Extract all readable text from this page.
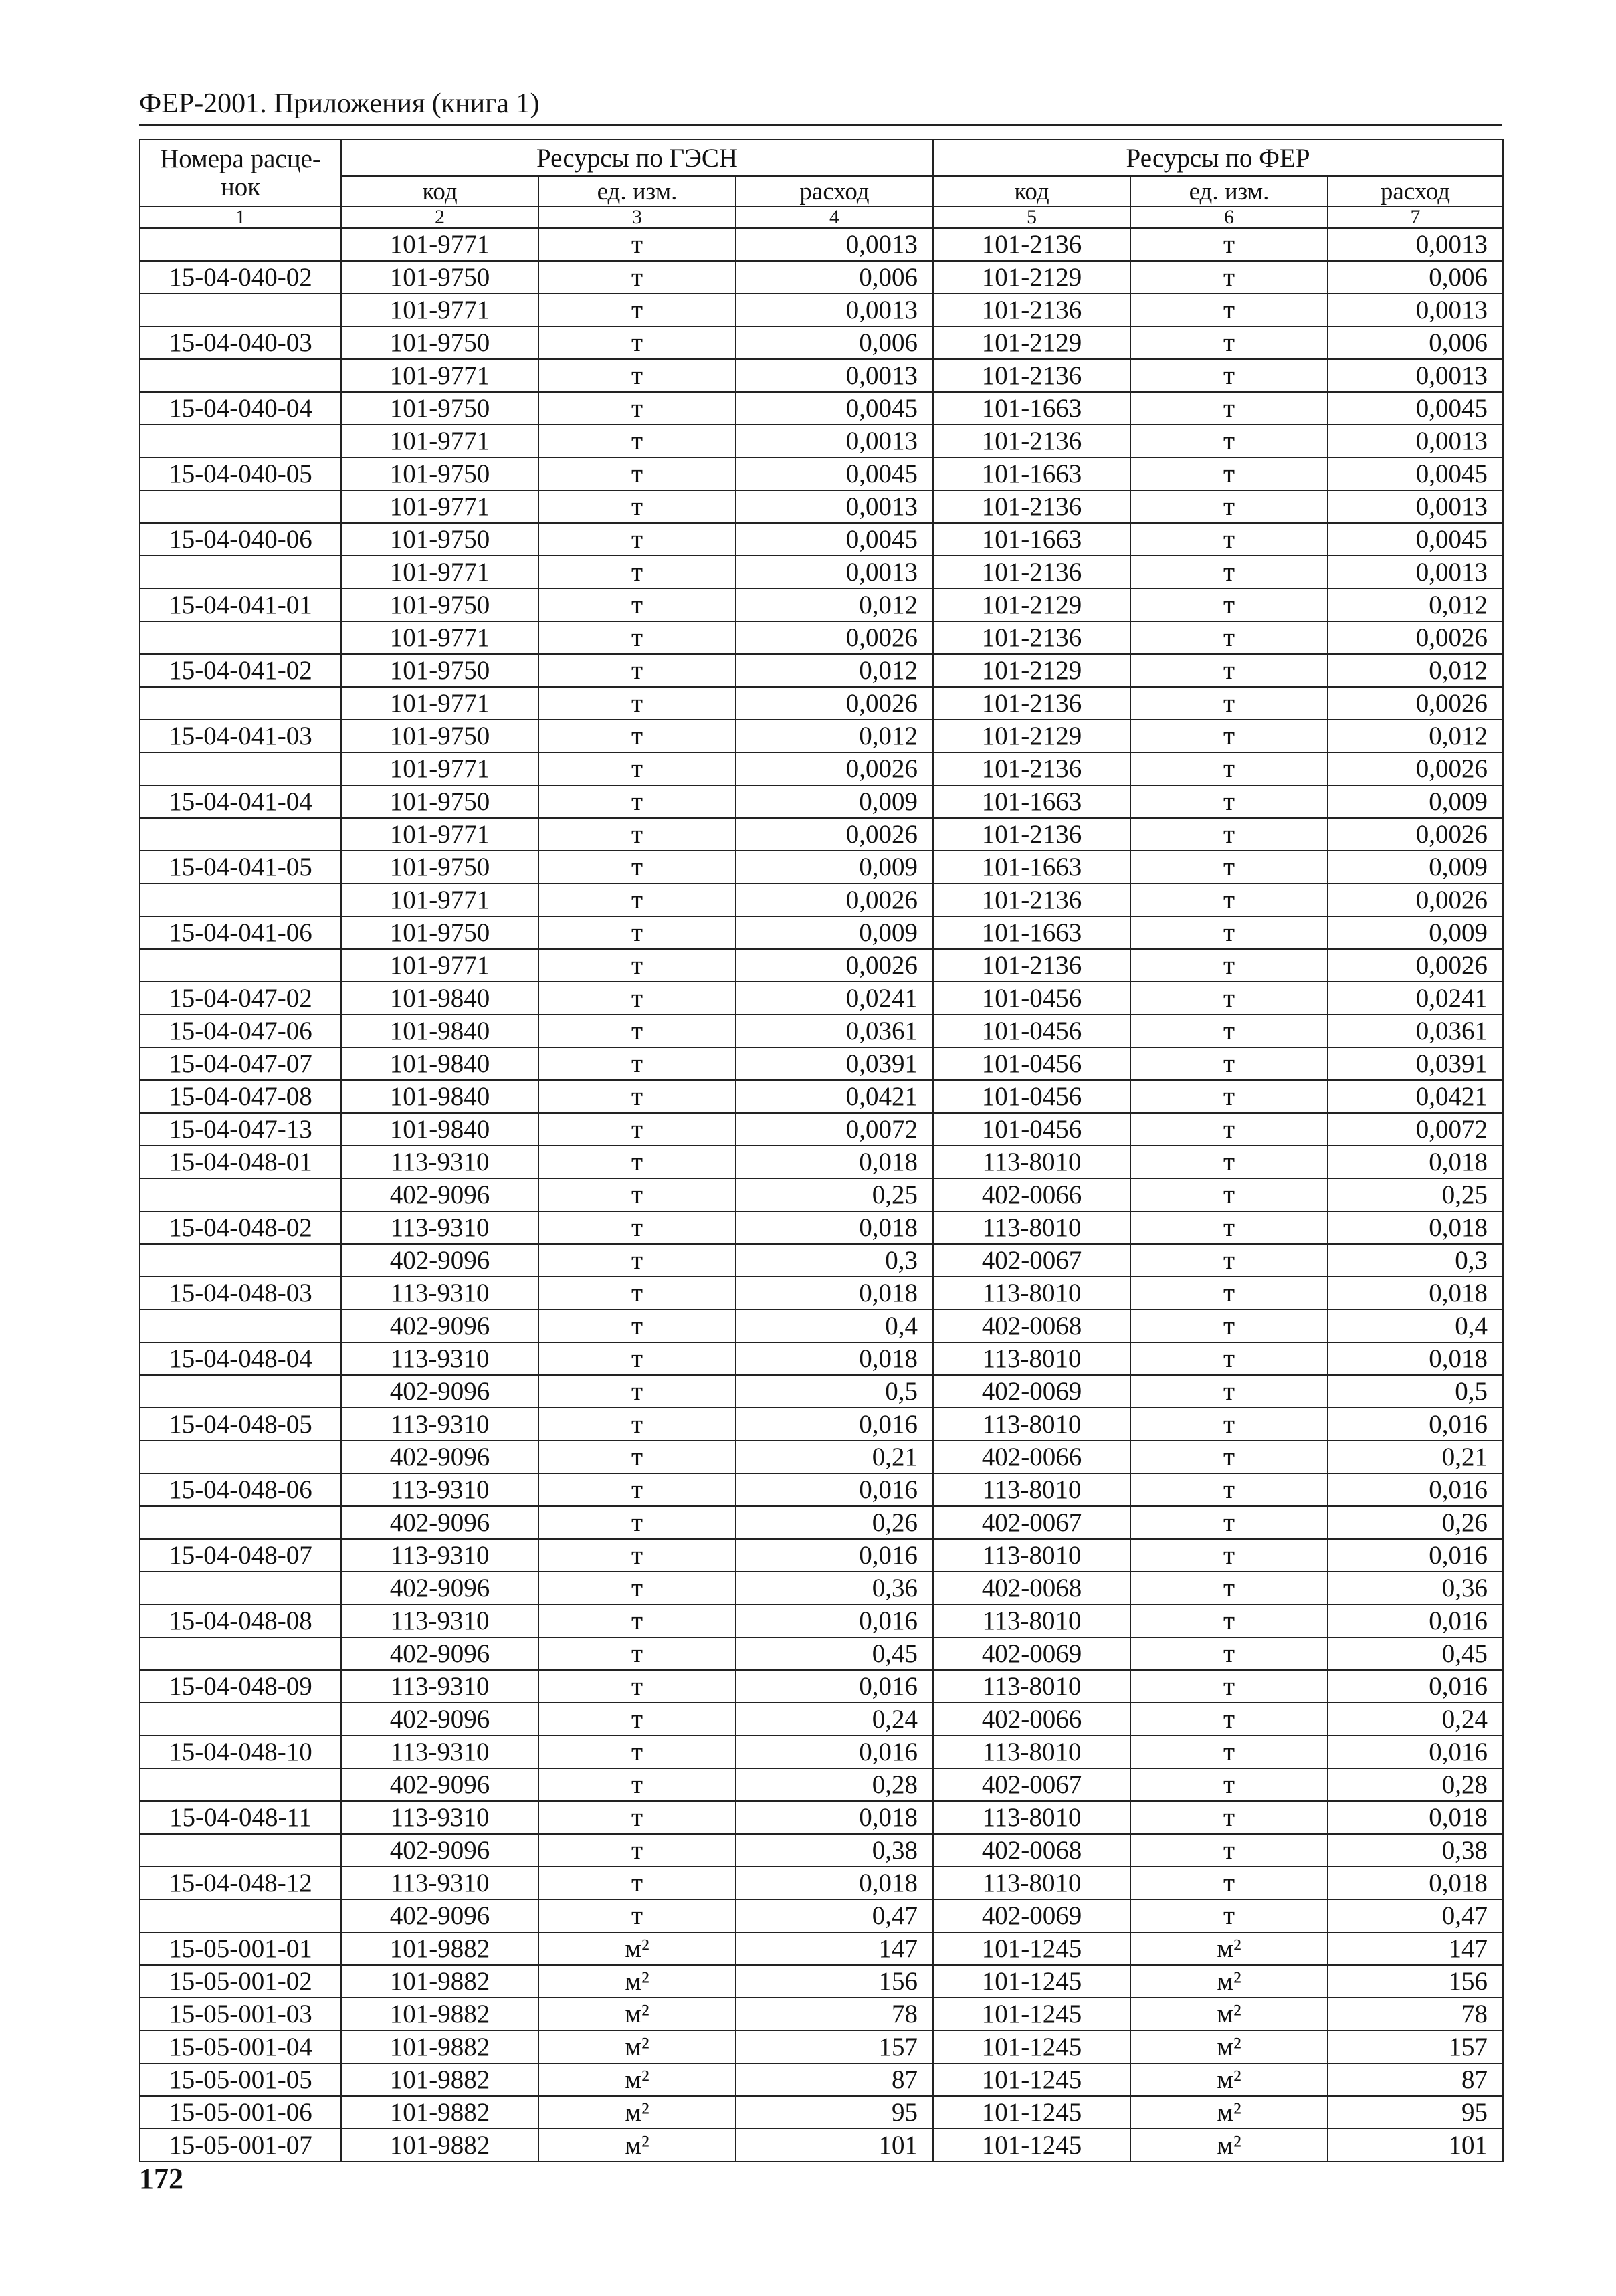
ФЕР-2001. Приложения (книга 1)
Номера расце-нок	Ресурсы по ГЭСН			Ресурсы по ФЕР		
	код	ед. изм.	расход	код	ед. изм.	расход
1	2	3	4	5	6	7
	101-9771	т	0,0013	101-2136	т	0,0013
15-04-040-02	101-9750	т	0,006	101-2129	т	0,006
	101-9771	т	0,0013	101-2136	т	0,0013
15-04-040-03	101-9750	т	0,006	101-2129	т	0,006
	101-9771	т	0,0013	101-2136	т	0,0013
15-04-040-04	101-9750	т	0,0045	101-1663	т	0,0045
	101-9771	т	0,0013	101-2136	т	0,0013
15-04-040-05	101-9750	т	0,0045	101-1663	т	0,0045
	101-9771	т	0,0013	101-2136	т	0,0013
15-04-040-06	101-9750	т	0,0045	101-1663	т	0,0045
	101-9771	т	0,0013	101-2136	т	0,0013
15-04-041-01	101-9750	т	0,012	101-2129	т	0,012
	101-9771	т	0,0026	101-2136	т	0,0026
15-04-041-02	101-9750	т	0,012	101-2129	т	0,012
	101-9771	т	0,0026	101-2136	т	0,0026
15-04-041-03	101-9750	т	0,012	101-2129	т	0,012
	101-9771	т	0,0026	101-2136	т	0,0026
15-04-041-04	101-9750	т	0,009	101-1663	т	0,009
	101-9771	т	0,0026	101-2136	т	0,0026
15-04-041-05	101-9750	т	0,009	101-1663	т	0,009
	101-9771	т	0,0026	101-2136	т	0,0026
15-04-041-06	101-9750	т	0,009	101-1663	т	0,009
	101-9771	т	0,0026	101-2136	т	0,0026
15-04-047-02	101-9840	т	0,0241	101-0456	т	0,0241
15-04-047-06	101-9840	т	0,0361	101-0456	т	0,0361
15-04-047-07	101-9840	т	0,0391	101-0456	т	0,0391
15-04-047-08	101-9840	т	0,0421	101-0456	т	0,0421
15-04-047-13	101-9840	т	0,0072	101-0456	т	0,0072
15-04-048-01	113-9310	т	0,018	113-8010	т	0,018
	402-9096	т	0,25	402-0066	т	0,25
15-04-048-02	113-9310	т	0,018	113-8010	т	0,018
	402-9096	т	0,3	402-0067	т	0,3
15-04-048-03	113-9310	т	0,018	113-8010	т	0,018
	402-9096	т	0,4	402-0068	т	0,4
15-04-048-04	113-9310	т	0,018	113-8010	т	0,018
	402-9096	т	0,5	402-0069	т	0,5
15-04-048-05	113-9310	т	0,016	113-8010	т	0,016
	402-9096	т	0,21	402-0066	т	0,21
15-04-048-06	113-9310	т	0,016	113-8010	т	0,016
	402-9096	т	0,26	402-0067	т	0,26
15-04-048-07	113-9310	т	0,016	113-8010	т	0,016
	402-9096	т	0,36	402-0068	т	0,36
15-04-048-08	113-9310	т	0,016	113-8010	т	0,016
	402-9096	т	0,45	402-0069	т	0,45
15-04-048-09	113-9310	т	0,016	113-8010	т	0,016
	402-9096	т	0,24	402-0066	т	0,24
15-04-048-10	113-9310	т	0,016	113-8010	т	0,016
	402-9096	т	0,28	402-0067	т	0,28
15-04-048-11	113-9310	т	0,018	113-8010	т	0,018
	402-9096	т	0,38	402-0068	т	0,38
15-04-048-12	113-9310	т	0,018	113-8010	т	0,018
	402-9096	т	0,47	402-0069	т	0,47
15-05-001-01	101-9882	м²	147	101-1245	м²	147
15-05-001-02	101-9882	м²	156	101-1245	м²	156
15-05-001-03	101-9882	м²	78	101-1245	м²	78
15-05-001-04	101-9882	м²	157	101-1245	м²	157
15-05-001-05	101-9882	м²	87	101-1245	м²	87
15-05-001-06	101-9882	м²	95	101-1245	м²	95
15-05-001-07	101-9882	м²	101	101-1245	м²	101
172
